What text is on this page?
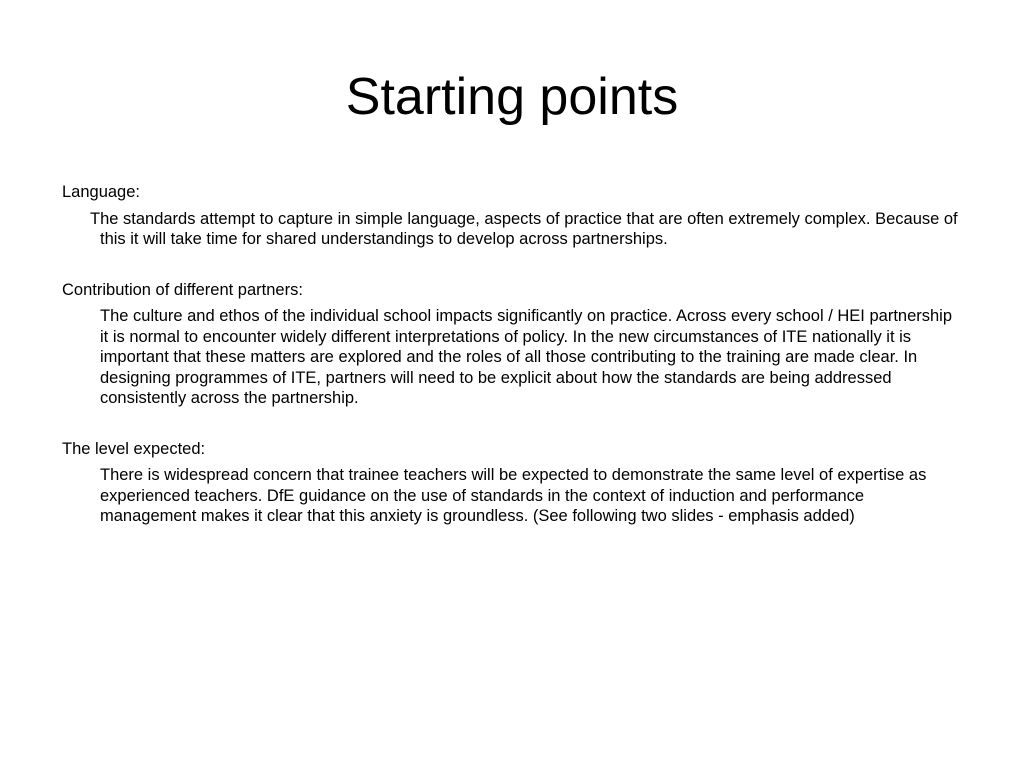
Starting points

Language:

The standards attempt to capture in simple language, aspects of practice that are often extremely complex. Because of this it will take time for shared understandings to develop across partnerships.

Contribution of different partners:

The culture and ethos of the individual school impacts significantly on practice. Across every school / HEI partnership it is normal to encounter widely different interpretations of policy. In the new circumstances of ITE nationally it is important that these matters are explored and the roles of all those contributing to the training are made clear. In designing programmes of ITE, partners will need to be explicit about how the standards are being addressed consistently across the partnership.

The level expected:

There is widespread concern that trainee teachers will be expected to demonstrate the same level of expertise as experienced teachers. DfE guidance on the use of standards in the context of induction and performance management makes it clear that this anxiety is groundless. (See following two slides - emphasis added)
